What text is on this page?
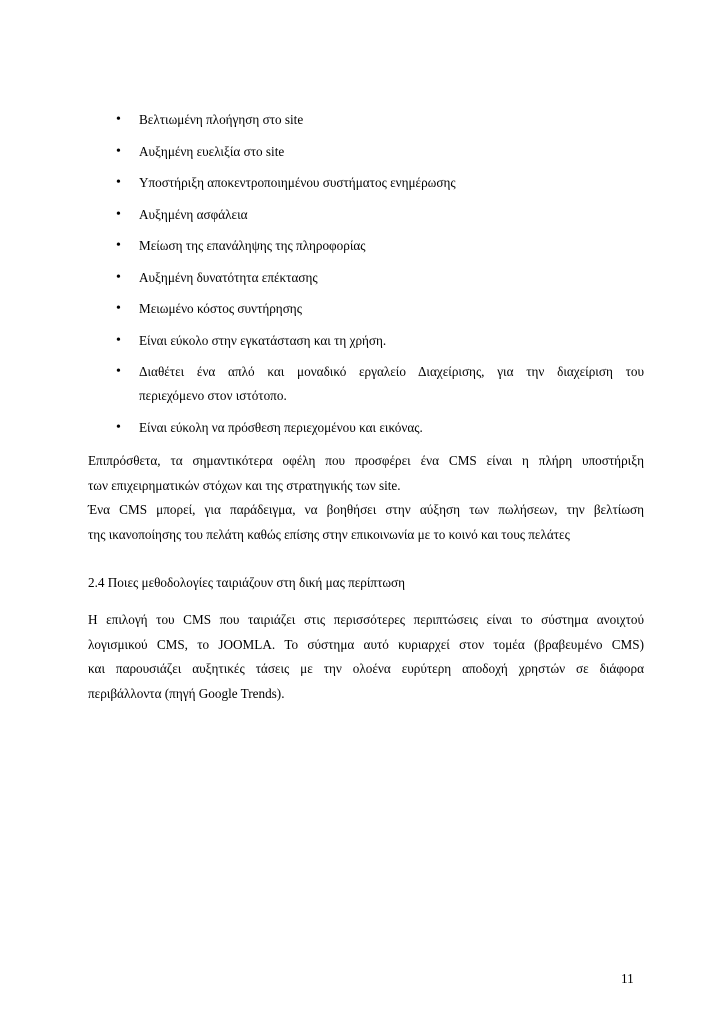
• Βελτιωμένη πλοήγηση στο site
• Αυξημένη ευελιξία στο site
• Υποστήριξη αποκεντροποιημένου συστήματος ενημέρωσης
• Αυξημένη ασφάλεια
• Μείωση της επανάληψης της πληροφορίας
• Αυξημένη δυνατότητα επέκτασης
• Μειωμένο κόστος συντήρησης
• Είναι εύκολο στην εγκατάσταση και τη χρήση.
• Διαθέτει ένα απλό και μοναδικό εργαλείο Διαχείρισης, για την διαχείριση του
περιεχόμενο στον ιστότοπο.
• Είναι εύκολη να πρόσθεση περιεχομένου και εικόνας.
Επιπρόσθετα, τα σημαντικότερα οφέλη που προσφέρει ένα CMS είναι η πλήρη υποστήριξη
των επιχειρηματικών στόχων και της στρατηγικής των site.
Ένα CMS μπορεί, για παράδειγμα, να βοηθήσει στην αύξηση των πωλήσεων, την βελτίωση
της ικανοποίησης του πελάτη καθώς επίσης στην επικοινωνία με το κοινό και τους πελάτες
2.4 Ποιες μεθοδολογίες ταιριάζουν στη δική μας περίπτωση
Η επιλογή του CMS που ταιριάζει στις περισσότερες περιπτώσεις είναι το σύστημα ανοιχτού
λογισμικού CMS, το JOOMLA. Το σύστημα αυτό κυριαρχεί στον τομέα (βραβευμένο CMS)
και παρουσιάζει αυξητικές τάσεις με την ολοένα ευρύτερη αποδοχή χρηστών σε διάφορα
περιβάλλοντα (πηγή Google Trends).
11
